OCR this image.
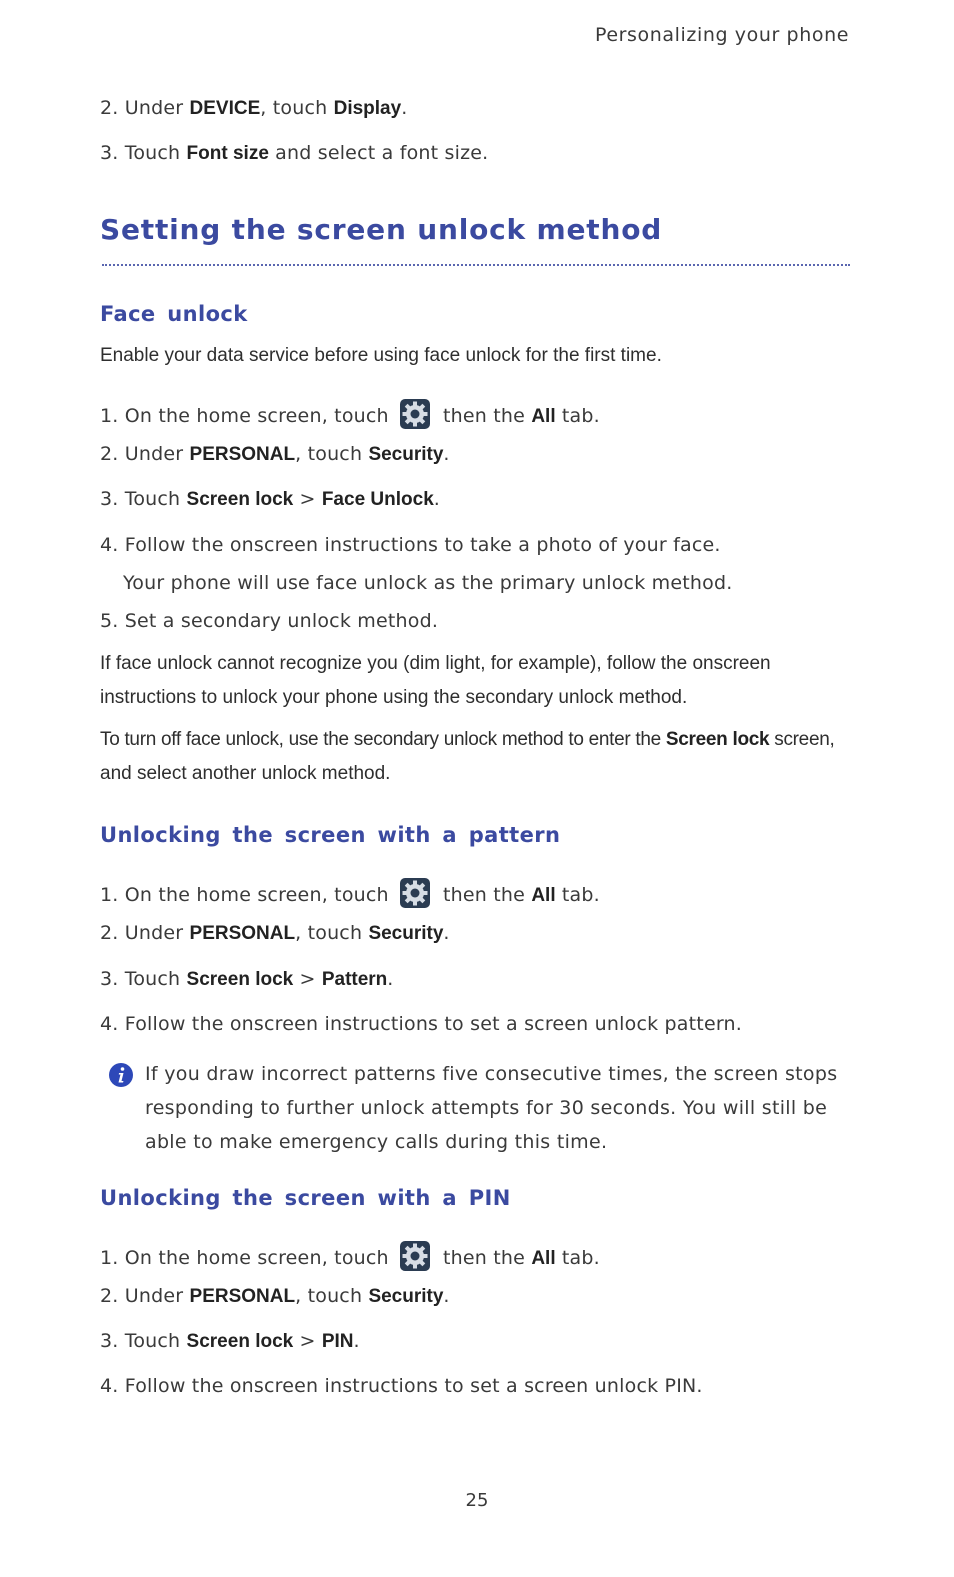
Personalizing your phone
2. Under DEVICE, touch Display.
3. Touch Font size and select a font size.
Setting the screen unlock method
Face unlock
Enable your data service before using face unlock for the first time.
1. On the home screen, touch	then the All tab.
2. Under PERSONAL, touch Security.
3. Touch Screen lock > Face Unlock.
4. Follow the onscreen instructions to take a photo of your face.
Your phone will use face unlock as the primary unlock method.
5. Set a secondary unlock method.
If face unlock cannot recognize you (dim light, for example), follow the onscreen
instructions to unlock your phone using the secondary unlock method.
To turn off face unlock, use the secondary unlock method to enter the Screen lock screen,
and select another unlock method.
Unlocking the screen with a pattern
1. On the home screen, touch	then the All tab.
2. Under PERSONAL, touch Security.
3. Touch Screen lock > Pattern.
4. Follow the onscreen instructions to set a screen unlock pattern.
If you draw incorrect patterns five consecutive times, the screen stops responding to further unlock attempts for 30 seconds. You will still be able to make emergency calls during this time.
Unlocking the screen with a PIN
1. On the home screen, touch	then the All tab.
2. Under PERSONAL, touch Security.
3. Touch Screen lock > PIN.
4. Follow the onscreen instructions to set a screen unlock PIN.
25
